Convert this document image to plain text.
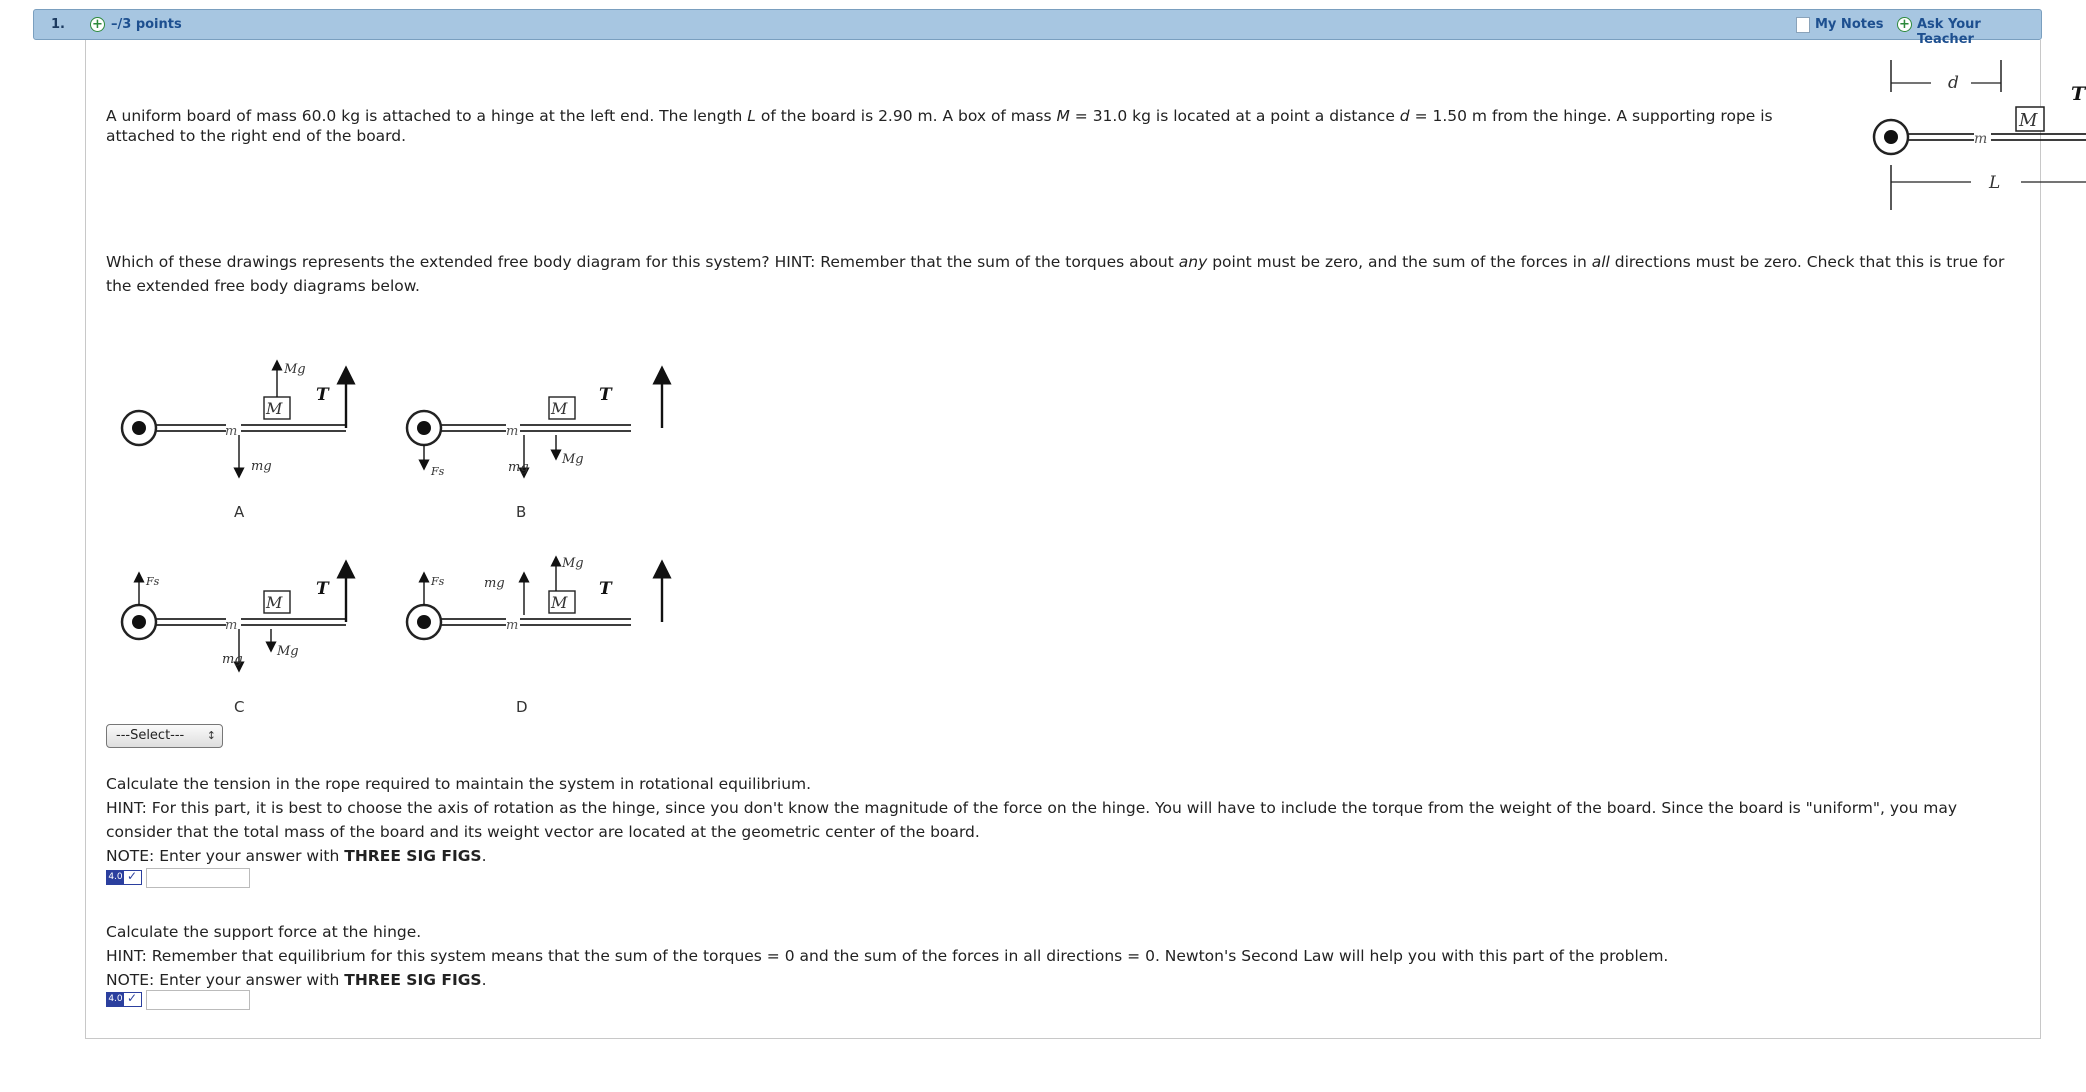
1. + –/3 points	My Notes + Ask Your Teacher
A uniform board of mass 60.0 kg is attached to a hinge at the left end. The length L of the board is 2.90 m. A box of mass M = 31.0 kg is located at a point a distance d = 1.50 m from the hinge. A supporting rope is attached to the right end of the board.
d
m
M
T
L
Which of these drawings represents the extended free body diagram for this system? HINT: Remember that the sum of the torques about any point must be zero, and the sum of the forces in all directions must be zero. Check that this is true for the extended free body diagrams below.
m
M
Mg
T
mg
A
m
M
Fs
T
mg
Mg
B
m
M
Fs	T
mg
Mg
C
m
M
Fs	mg
Mg
T
D
---Select--- ↕
Calculate the tension in the rope required to maintain the system in rotational equilibrium.
HINT: For this part, it is best to choose the axis of rotation as the hinge, since you don't know the magnitude of the force on the hinge. You will have to include the torque from the weight of the board. Since the board is "uniform", you may consider that the total mass of the board and its weight vector are located at the geometric center of the board.
NOTE: Enter your answer with THREE SIG FIGS.
4.0 ✓
Calculate the support force at the hinge.
HINT: Remember that equilibrium for this system means that the sum of the torques = 0 and the sum of the forces in all directions = 0. Newton's Second Law will help you with this part of the problem.
NOTE: Enter your answer with THREE SIG FIGS.
4.0 ✓
